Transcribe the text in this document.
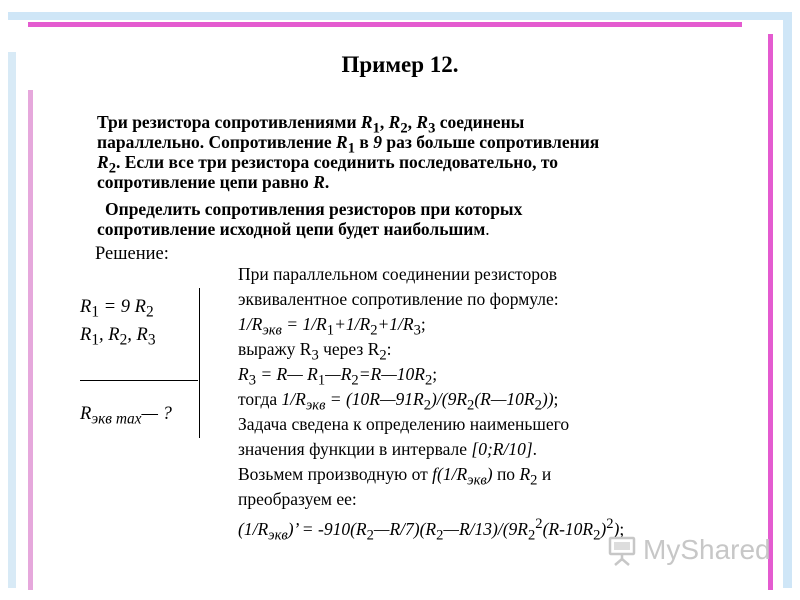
Пример 12.
Три резистора сопротивлениями $R_1$, $R_2$, $R_3$ соединены
параллельно. Сопротивление $R_1$ в 9 раз больше сопротивления
$R_2$. Если все три резистора соединить последовательно, то
сопротивление цепи равно R.
Определить сопротивления резисторов при которых
сопротивление исходной цепи будет наибольшим.
Решение:
$R_1 = 9$ $R_2$
$R_1$, $R_2$, $R_3$
$R_{экв max}—$ ?
При параллельном соединении резисторов
эквивалентное сопротивление по формуле:
$1/R_{экв} = 1/R_1+1/R_2+1/R_3$;
выражу $R_3$ через $R_2$:
$R_3$ = R— $R_1—R_2=R—10R_2$;
тогда $1/R_{экв}$ = $(10R—91R_2)/(9R_2(R—10R_2))$;
Задача сведена к определению наименьшего
значения функции в интервале [0;R/10].
Возьмем производную от $f(1/R_{экв})$ по $R_2$ и
преобразуем ее:
$(1/R_{экв})$’ = $-910(R_2—R/7)(R_2—R/13)/(9R_2^2(R-10R_2)^2)$;
MyShared
